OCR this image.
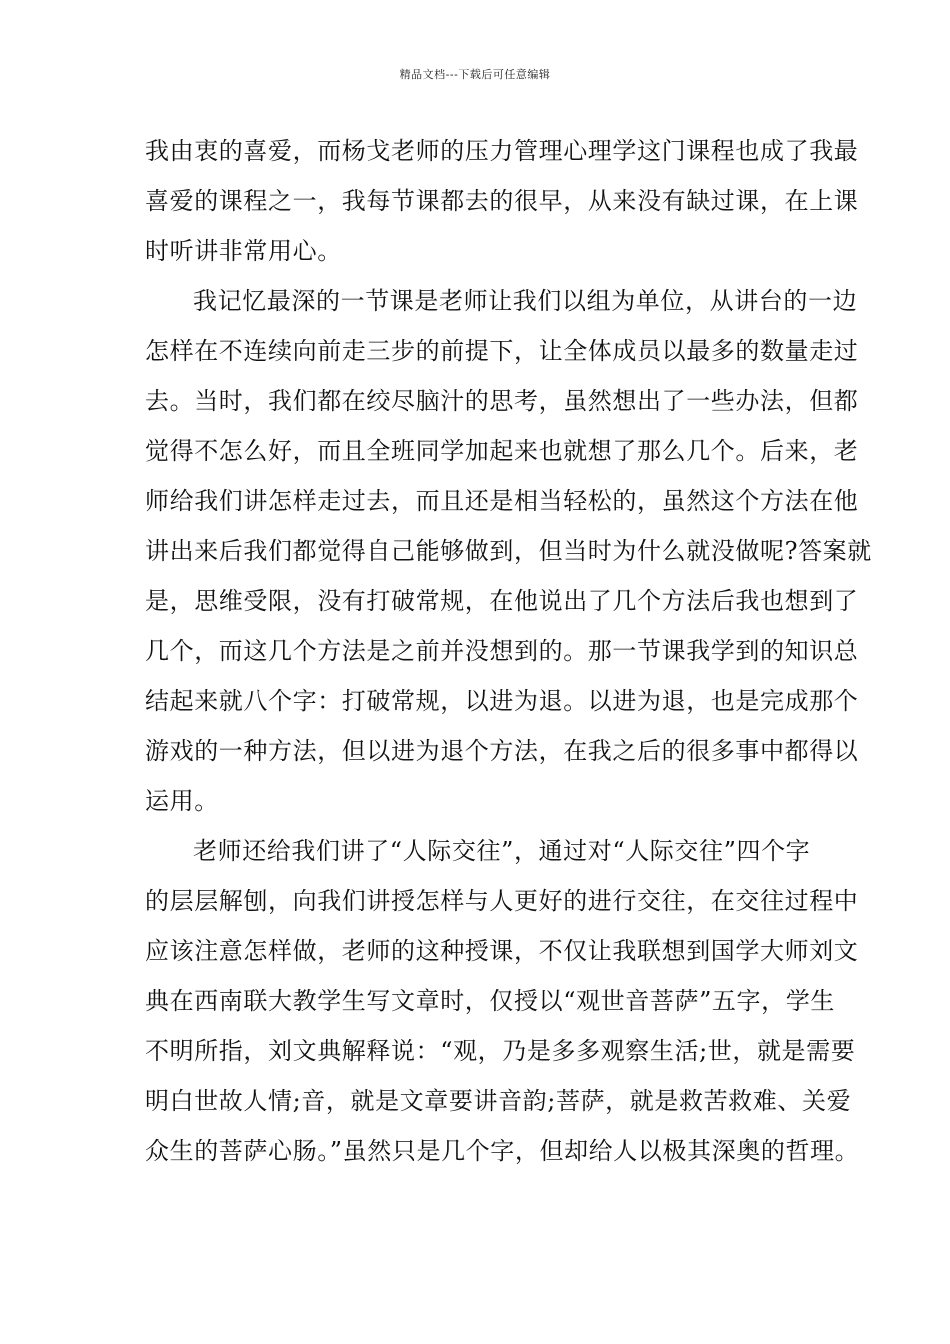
精品文档---下载后可任意编辑
我由衷的喜爱，而杨戈老师的压力管理心理学这门课程也成了我最
喜爱的课程之一，我每节课都去的很早，从来没有缺过课，在上课
时听讲非常用心。
我记忆最深的一节课是老师让我们以组为单位，从讲台的一边
怎样在不连续向前走三步的前提下，让全体成员以最多的数量走过
去。当时，我们都在绞尽脑汁的思考，虽然想出了一些办法，但都
觉得不怎么好，而且全班同学加起来也就想了那么几个。后来，老
师给我们讲怎样走过去，而且还是相当轻松的，虽然这个方法在他
讲出来后我们都觉得自己能够做到，但当时为什么就没做呢?答案就
是，思维受限，没有打破常规，在他说出了几个方法后我也想到了
几个，而这几个方法是之前并没想到的。那一节课我学到的知识总
结起来就八个字：打破常规，以进为退。以进为退，也是完成那个
游戏的一种方法，但以进为退个方法，在我之后的很多事中都得以
运用。
老师还给我们讲了“人际交往”，通过对“人际交往”四个字
的层层解刨，向我们讲授怎样与人更好的进行交往，在交往过程中
应该注意怎样做，老师的这种授课，不仅让我联想到国学大师刘文
典在西南联大教学生写文章时，仅授以“观世音菩萨”五字，学生
不明所指，刘文典解释说：“观，乃是多多观察生活;世，就是需要
明白世故人情;音，就是文章要讲音韵;菩萨，就是救苦救难、关爱
众生的菩萨心肠。”虽然只是几个字，但却给人以极其深奥的哲理。
